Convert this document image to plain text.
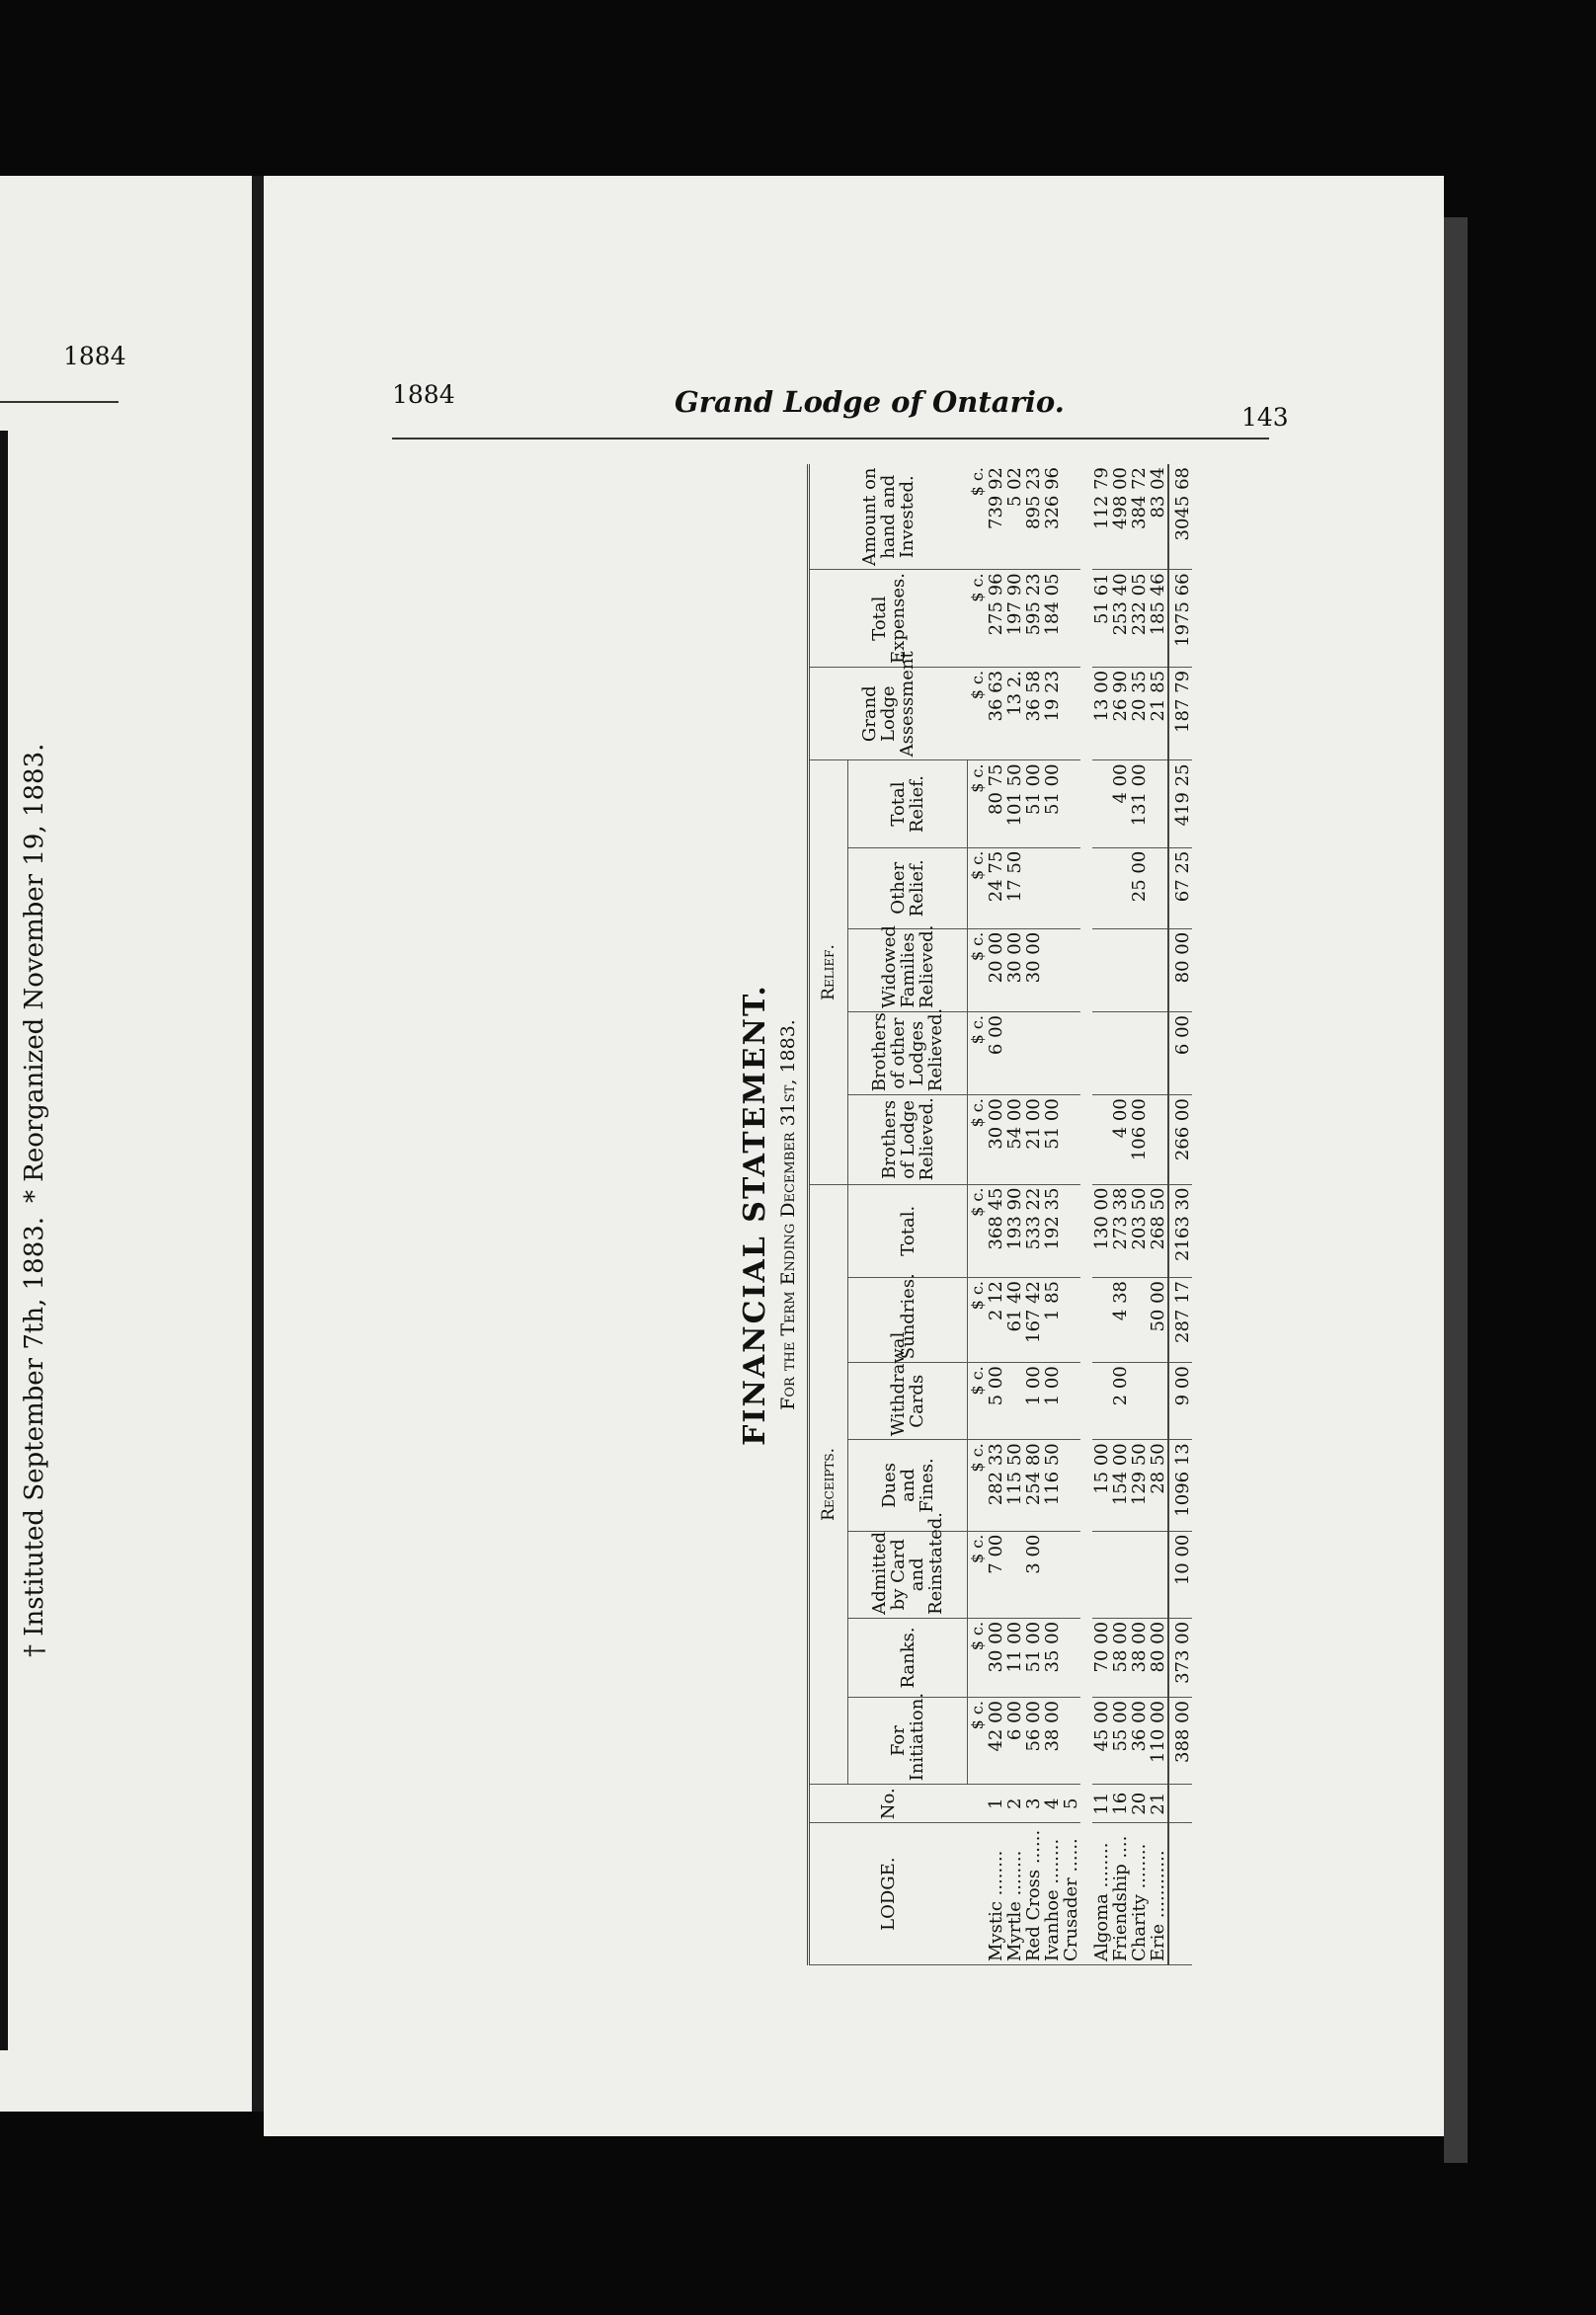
1884
* Reorganized November 19, 1883.
† Instituted September 7th, 1883.
1884	Grand Lodge of Ontario.	143
FINANCIAL STATEMENT. For the Term Ending December 31st, 1883.

LODGE.	No.	Receipts.							Relief.					Grand Lodge Assessment	Total Expenses.	Amount on hand and Invested.
		For Initiation.	Ranks.	Admitted by Card and Reinstated.	Dues and Fines.	Withdrawal Cards	Sundries.	Total.	Brothers of Lodge Relieved.	Brothers of other Lodges Relieved.	Widowed Families Relieved.	Other Relief.	Total Relief.			
		$ c.	$ c.	$ c.	$ c.	$ c.	$ c.	$ c.	$ c.	$ c.	$ c.	$ c.	$ c.	$ c.	$ c.	$ c.
Mystic ........	1	42 00	30 00	7 00	282 33	5 00	2 12	368 45	30 00	6 00	20 00	24 75	80 75	36 63	275 96	739 92
Myrtle ........	2	6 00	11 00		115 50		61 40	193 90	54 00		30 00	17 50	101 50	13 2.	197 90	5 02
Red Cross ......	3	56 00	51 00	3 00	254 80	1 00	167 42	533 22	21 00		30 00		51 00	36 58	595 23	895 23
Ivanhoe ........	4	38 00	35 00		116 50	1 00	1 85	192 35	51 00				51 00	19 23	184 05	326 96
Crusader ......	5															

Algoma ........	11	45 00	70 00		15 00			130 00						13 00	51 61	112 79
Friendship ....	16	55 00	58 00		154 00	2 00	4 38	273 38	4 00				4 00	26 90	253 40	498 00
Charity ........	20	36 00	38 00		129 50			203 50	106 00			25 00	131 00	20 35	232 05	384 72
Erie ............	21	110 00	80 00		28 50		50 00	268 50						21 85	185 46	83 04
		388 00	373 00	10 00	1096 13	9 00	287 17	2163 30	266 00	6 00	80 00	67 25	419 25	187 79	1975 66	3045 68
